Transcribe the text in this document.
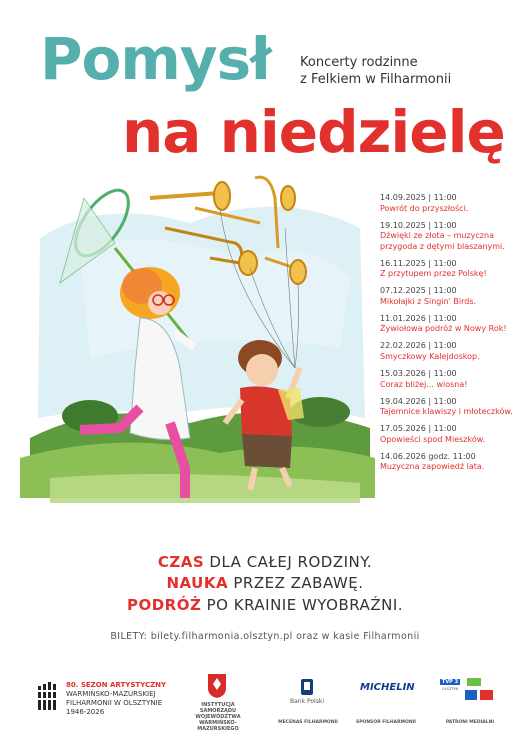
Pomysł
na niedzielę
Koncerty rodzinne
z Felkiem w Filharmonii
14.09.2025 | 11:00
Powrót do przyszłości.
19.10.2025 | 11:00
Dźwięki ze złota – muzyczna przygoda z dętymi blaszanymi.
16.11.2025 | 11:00
Z przytupem przez Polskę!
07.12.2025 | 11:00
Mikołajki z Singin' Birds.
11.01.2026 | 11:00
Żywiołowa podróż w Nowy Rok!
22.02.2026 | 11:00
Smyczkowy Kalejdoskop.
15.03.2026 | 11:00
Coraz bliżej... wiosna!
19.04.2026 | 11:00
Tajemnice klawiszy i młoteczków.
17.05.2026 | 11:00
Opowieści spod Mieszków.
14.06.2026 godz. 11:00
Muzyczna zapowiedź lata.
CZAS DLA CAŁEJ RODZINY.
NAUKA PRZEZ ZABAWĘ.
PODRÓŻ PO KRAINIE WYOBRAŹNI.
BILETY: bilety.filharmonia.olsztyn.pl oraz w kasie Filharmonii
80. SEZON ARTYSTYCZNY
WARMIŃSKO-MAZURSKIEJ
FILHARMONII W OLSZTYNIE
1946-2026
INSTYTUCJA SAMORZĄDU
WOJEWÓDZTWA
WARMIŃSKO-MAZURSKIEGO
Bank Polski
MECENAS FILHARMONII
MICHELIN
SPONSOR FILHARMONII
TVP 3
OLSZTYN
PATRONI MEDIALNI
